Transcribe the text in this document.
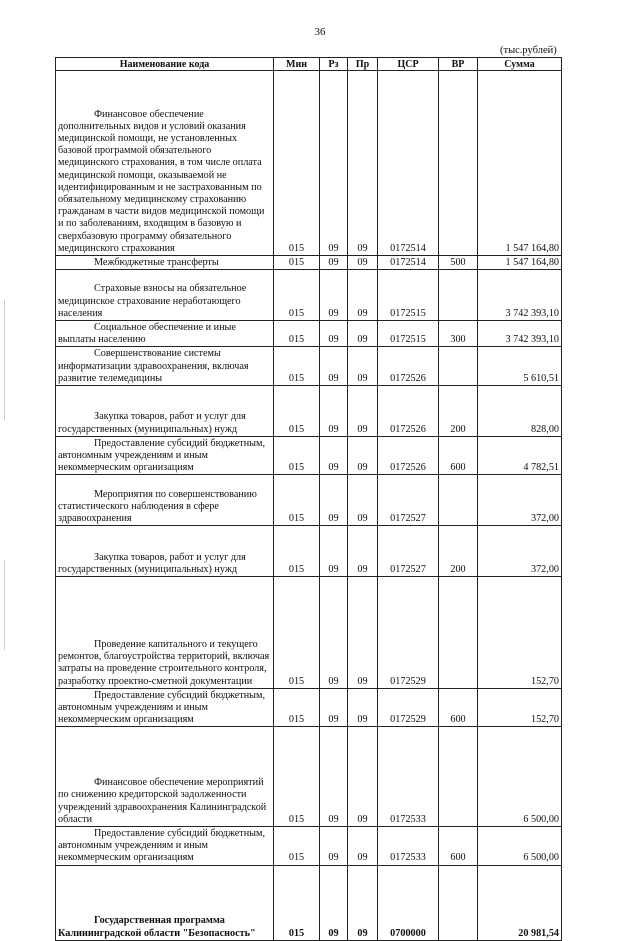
36
(тыс.рублей)
Наименование кода	Мин	Рз	Пр	ЦСР	ВР	Сумма
Финансовое обеспечение дополнительных видов и условий оказания медицинской помощи, не установленных базовой программой обязательного медицинского страхования, в том числе оплата медицинской помощи, оказываемой не идентифицированным и не застрахованным по обязательному медицинскому страхованию гражданам в части видов медицинской помощи и по заболеваниям, входящим в базовую и сверхбазовую программу обязательного медицинского страхования	015	09	09	0172514		1 547 164,80
Межбюджетные трансферты	015	09	09	0172514	500	1 547 164,80
Страховые взносы на обязательное медицинское страхование неработающего населения	015	09	09	0172515		3 742 393,10
Социальное обеспечение и иные выплаты населению	015	09	09	0172515	300	3 742 393,10
Совершенствование системы информатизации здравоохранения, включая развитие телемедицины	015	09	09	0172526		5 610,51
Закупка товаров, работ и услуг для государственных (муниципальных) нужд	015	09	09	0172526	200	828,00
Предоставление субсидий бюджетным, автономным учреждениям и иным некоммерческим организациям	015	09	09	0172526	600	4 782,51
Мероприятия по совершенствованию статистического наблюдения в сфере здравоохранения	015	09	09	0172527		372,00
Закупка товаров, работ и услуг для государственных (муниципальных) нужд	015	09	09	0172527	200	372,00
Проведение капитального и текущего ремонтов, благоустройства территорий, включая затраты на проведение строительного контроля, разработку проектно-сметной документации	015	09	09	0172529		152,70
Предоставление субсидий бюджетным, автономным учреждениям и иным некоммерческим организациям	015	09	09	0172529	600	152,70
Финансовое обеспечение мероприятий по снижению кредиторской задолженности учреждений здравоохранения Калининградской области	015	09	09	0172533		6 500,00
Предоставление субсидий бюджетным, автономным учреждениям и иным некоммерческим организациям	015	09	09	0172533	600	6 500,00
Государственная программа Калининградской области "Безопасность"	015	09	09	0700000		20 981,54
